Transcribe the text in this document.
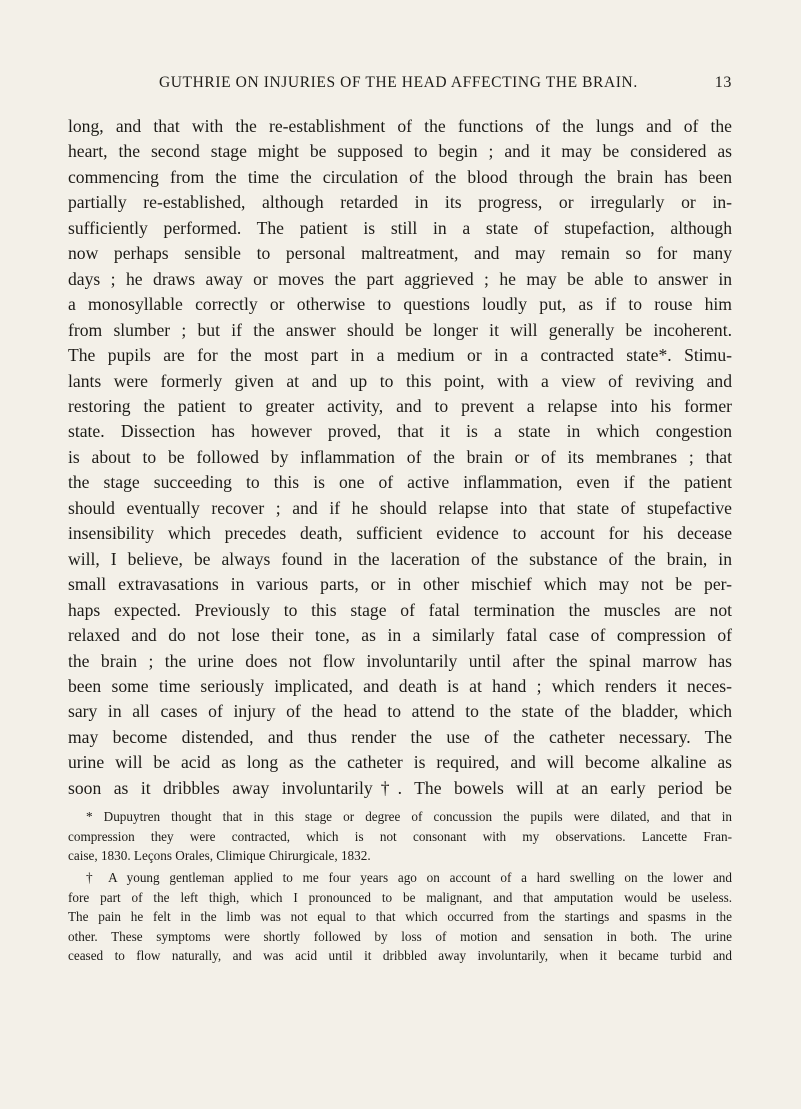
GUTHRIE ON INJURIES OF THE HEAD AFFECTING THE BRAIN.	13
long, and that with the re-establishment of the functions of the lungs and of the
heart, the second stage might be supposed to begin ; and it may be considered as
commencing from the time the circulation of the blood through the brain has been
partially re-established, although retarded in its progress, or irregularly or in-
sufficiently performed. The patient is still in a state of stupefaction, although
now perhaps sensible to personal maltreatment, and may remain so for many
days ; he draws away or moves the part aggrieved ; he may be able to answer in
a monosyllable correctly or otherwise to questions loudly put, as if to rouse him
from slumber ; but if the answer should be longer it will generally be incoherent.
The pupils are for the most part in a medium or in a contracted state*. Stimu-
lants were formerly given at and up to this point, with a view of reviving and
restoring the patient to greater activity, and to prevent a relapse into his former
state. Dissection has however proved, that it is a state in which congestion
is about to be followed by inflammation of the brain or of its membranes ; that
the stage succeeding to this is one of active inflammation, even if the patient
should eventually recover ; and if he should relapse into that state of stupefactive
insensibility which precedes death, sufficient evidence to account for his decease
will, I believe, be always found in the laceration of the substance of the brain, in
small extravasations in various parts, or in other mischief which may not be per-
haps expected. Previously to this stage of fatal termination the muscles are not
relaxed and do not lose their tone, as in a similarly fatal case of compression of
the brain ; the urine does not flow involuntarily until after the spinal marrow has
been some time seriously implicated, and death is at hand ; which renders it neces-
sary in all cases of injury of the head to attend to the state of the bladder, which
may become distended, and thus render the use of the catheter necessary. The
urine will be acid as long as the catheter is required, and will become alkaline as
soon as it dribbles away involuntarily†. The bowels will at an early period be
* Dupuytren thought that in this stage or degree of concussion the pupils were dilated, and that in
compression they were contracted, which is not consonant with my observations. Lancette Fran-
caise, 1830. Leçons Orales, Climique Chirurgicale, 1832.
† A young gentleman applied to me four years ago on account of a hard swelling on the lower and
fore part of the left thigh, which I pronounced to be malignant, and that amputation would be useless.
The pain he felt in the limb was not equal to that which occurred from the startings and spasms in the
other. These symptoms were shortly followed by loss of motion and sensation in both. The urine
ceased to flow naturally, and was acid until it dribbled away involuntarily, when it became turbid and
